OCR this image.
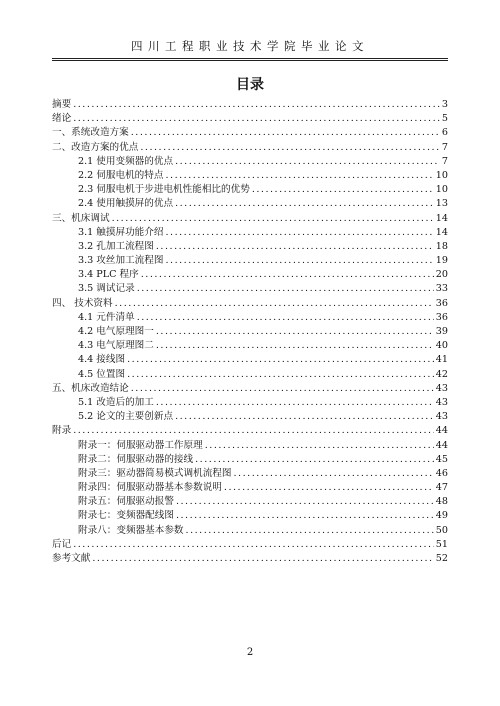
四川工程职业技术学院毕业论文
目录
摘要 .....	3
绪论 .....	5
一、系统改造方案 .....	6
二、改造方案的优点 .....	7
2.1 使用变频器的优点 .....	7
2.2 伺服电机的特点 .....	10
2.3 伺服电机于步进电机性能相比的优势 .....	10
2.4 使用触摸屏的优点 .....	13
三、机床调试 .....	14
3.1 触摸屏功能介绍 .....	14
3.2 孔加工流程图 .....	18
3.3 攻丝加工流程图 .....	19
3.4 PLC 程序 .....	20
3.5 调试记录 .....	33
四、 技术资料 .....	36
4.1 元件清单 .....	36
4.2 电气原理图一 .....	39
4.3 电气原理图二 .....	40
4.4 接线图 .....	41
4.5 位置图 .....	42
五、机床改造结论 .....	43
5.1 改造后的加工 .....	43
5.2 论文的主要创新点 .....	43
附录 .....	44
附录一：伺服驱动器工作原理 .....	44
附录二：伺服驱动器的接线 .....	45
附录三：驱动器简易模式调机流程图 .....	46
附录四：伺服驱动器基本参数说明 .....	47
附录五：伺服驱动报警 .....	48
附录七：变频器配线图 .....	49
附录八：变频器基本参数 .....	50
后记 .....	51
参考文献 .....	52
2
